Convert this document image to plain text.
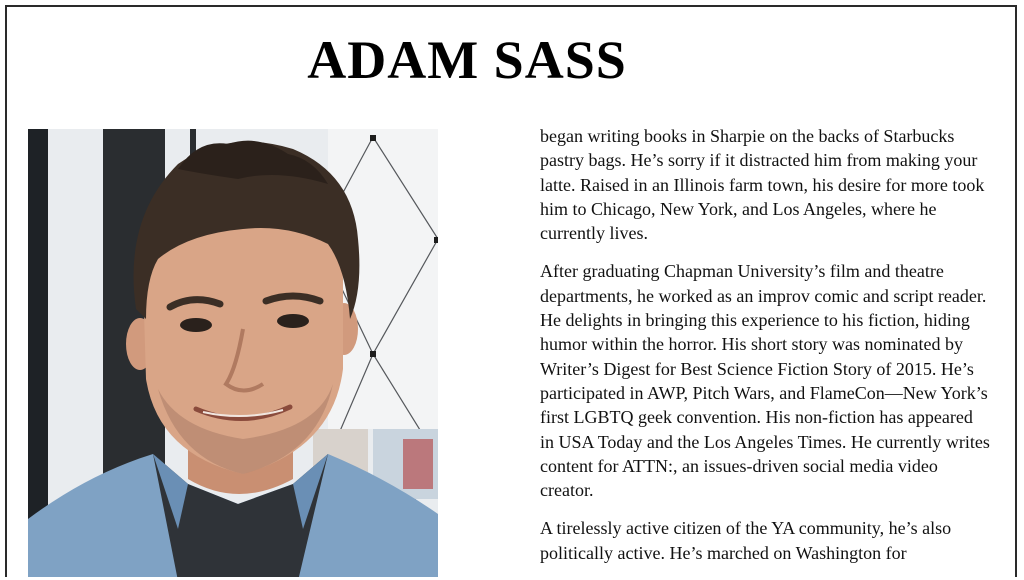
ADAM SASS

began writing books in Sharpie on the backs of Starbucks pastry bags. He’s sorry if it distracted him from making your latte. Raised in an Illinois farm town, his desire for more took him to Chicago, New York, and Los Angeles, where he currently lives.

After graduating Chapman University’s film and theatre departments, he worked as an improv comic and script reader. He delights in bringing this experience to his fiction, hiding humor within the horror. His short story was nominated by Writer’s Digest for Best Science Fiction Story of 2015. He’s participated in AWP, Pitch Wars, and FlameCon—New York’s first LGBTQ geek convention. His non-fiction has appeared in USA Today and the Los Angeles Times. He currently writes content for ATTN:, an issues-driven social media video creator.

A tirelessly active citizen of the YA community, he’s also politically active. He’s marched on Washington for
